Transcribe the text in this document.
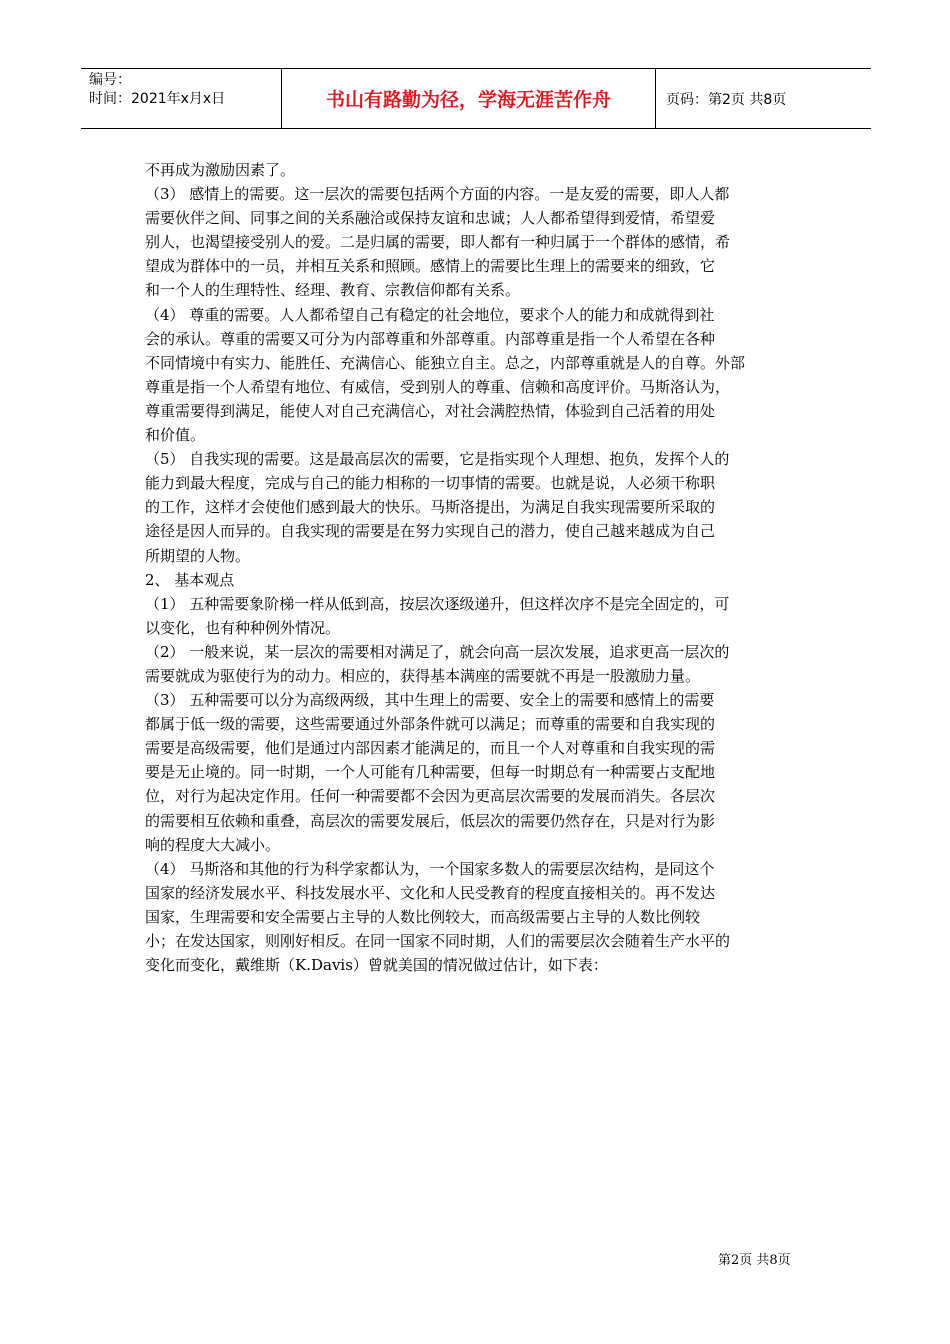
编号：
时间：2021年x月x日	书山有路勤为径，学海无涯苦作舟	页码：第2页 共8页
不再成为激励因素了。
（3） 感情上的需要。这一层次的需要包括两个方面的内容。一是友爱的需要，即人人都
需要伙伴之间、同事之间的关系融洽或保持友谊和忠诚；人人都希望得到爱情，希望爱
别人，也渴望接受别人的爱。二是归属的需要，即人都有一种归属于一个群体的感情，希
望成为群体中的一员，并相互关系和照顾。感情上的需要比生理上的需要来的细致，它
和一个人的生理特性、经理、教育、宗教信仰都有关系。
（4） 尊重的需要。人人都希望自己有稳定的社会地位，要求个人的能力和成就得到社
会的承认。尊重的需要又可分为内部尊重和外部尊重。内部尊重是指一个人希望在各种
不同情境中有实力、能胜任、充满信心、能独立自主。总之，内部尊重就是人的自尊。外部
尊重是指一个人希望有地位、有威信，受到别人的尊重、信赖和高度评价。马斯洛认为，
尊重需要得到满足，能使人对自己充满信心，对社会满腔热情，体验到自己活着的用处
和价值。
（5） 自我实现的需要。这是最高层次的需要，它是指实现个人理想、抱负，发挥个人的
能力到最大程度，完成与自己的能力相称的一切事情的需要。也就是说，人必须干称职
的工作，这样才会使他们感到最大的快乐。马斯洛提出，为满足自我实现需要所采取的
途径是因人而异的。自我实现的需要是在努力实现自己的潜力，使自己越来越成为自己
所期望的人物。
2、 基本观点
（1） 五种需要象阶梯一样从低到高，按层次逐级递升，但这样次序不是完全固定的，可
以变化，也有种种例外情况。
（2） 一般来说，某一层次的需要相对满足了，就会向高一层次发展，追求更高一层次的
需要就成为驱使行为的动力。相应的，获得基本满座的需要就不再是一股激励力量。
（3） 五种需要可以分为高级两级，其中生理上的需要、安全上的需要和感情上的需要
都属于低一级的需要，这些需要通过外部条件就可以满足；而尊重的需要和自我实现的
需要是高级需要，他们是通过内部因素才能满足的，而且一个人对尊重和自我实现的需
要是无止境的。同一时期，一个人可能有几种需要，但每一时期总有一种需要占支配地
位，对行为起决定作用。任何一种需要都不会因为更高层次需要的发展而消失。各层次
的需要相互依赖和重叠，高层次的需要发展后，低层次的需要仍然存在，只是对行为影
响的程度大大减小。
（4） 马斯洛和其他的行为科学家都认为，一个国家多数人的需要层次结构，是同这个
国家的经济发展水平、科技发展水平、文化和人民受教育的程度直接相关的。再不发达
国家，生理需要和安全需要占主导的人数比例较大，而高级需要占主导的人数比例较
小；在发达国家，则刚好相反。在同一国家不同时期，人们的需要层次会随着生产水平的
变化而变化，戴维斯（K.Davis）曾就美国的情况做过估计，如下表：
第2页 共8页
